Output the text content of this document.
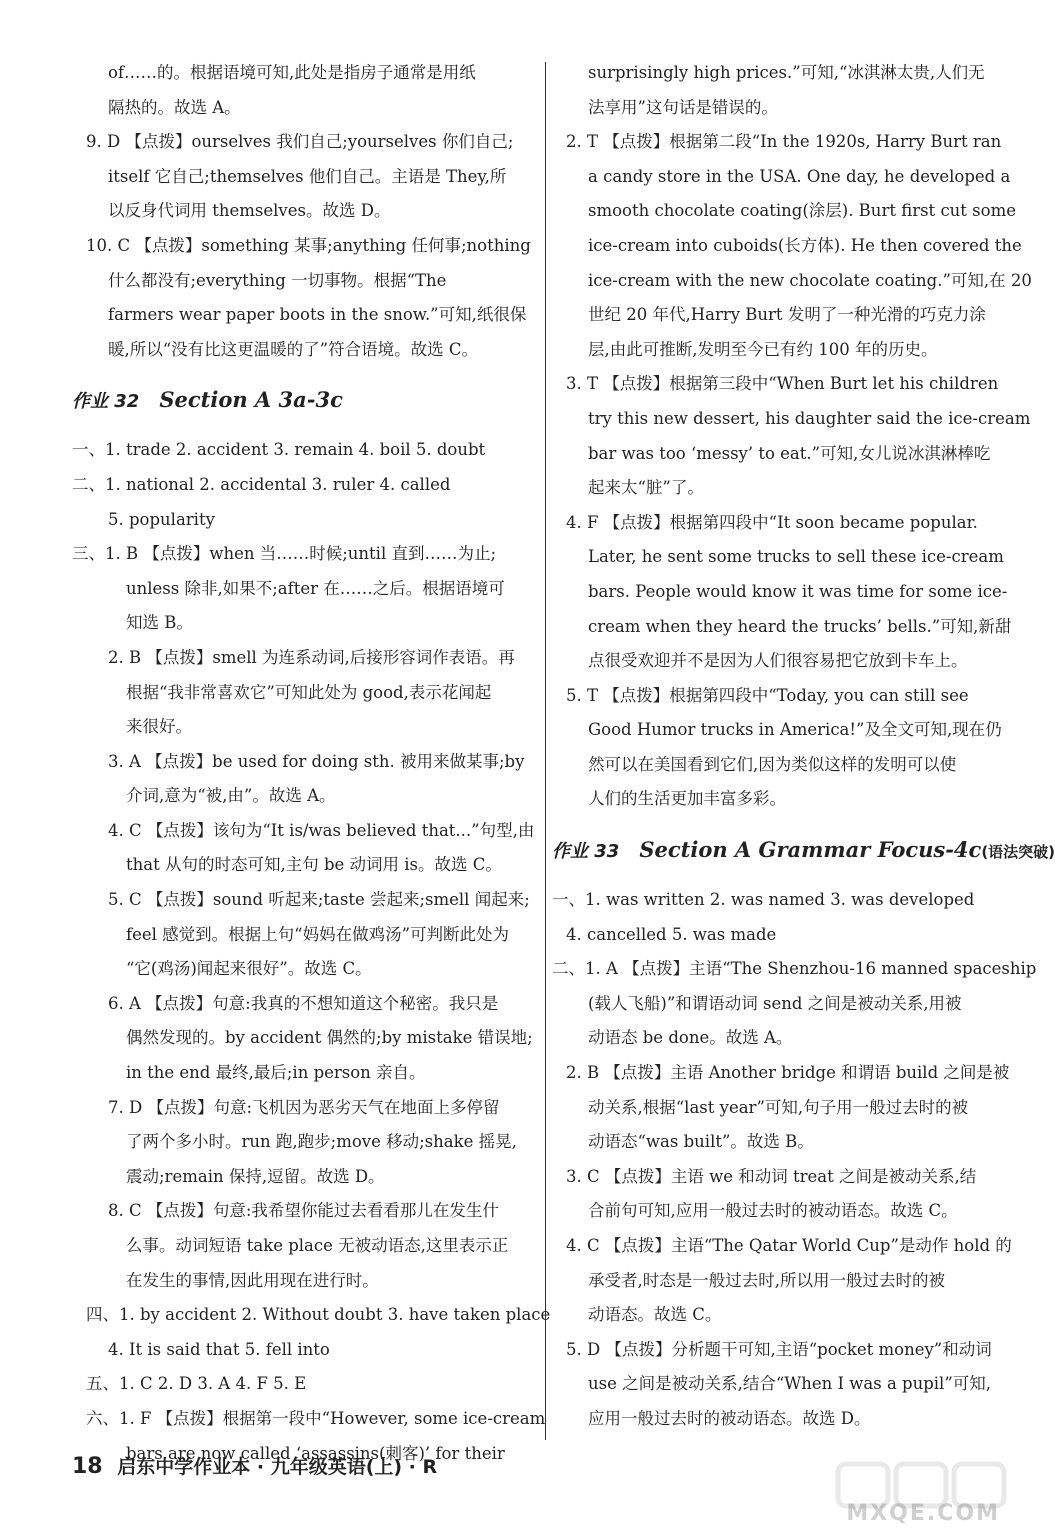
of……的。根据语境可知,此处是指房子通常是用纸
隔热的。故选 A。
9. D 【点拨】ourselves 我们自己;yourselves 你们自己;
itself 它自己;themselves 他们自己。主语是 They,所
以反身代词用 themselves。故选 D。
10. C 【点拨】something 某事;anything 任何事;nothing
什么都没有;everything 一切事物。根据“The
farmers wear paper boots in the snow.”可知,纸很保
暖,所以“没有比这更温暖的了”符合语境。故选 C。
作业 32 Section A 3a-3c
一、1. trade 2. accident 3. remain 4. boil 5. doubt
二、1. national 2. accidental 3. ruler 4. called
5. popularity
三、1. B 【点拨】when 当……时候;until 直到……为止;
unless 除非,如果不;after 在……之后。根据语境可
知选 B。
2. B 【点拨】smell 为连系动词,后接形容词作表语。再
根据“我非常喜欢它”可知此处为 good,表示花闻起
来很好。
3. A 【点拨】be used for doing sth. 被用来做某事;by
介词,意为“被,由”。故选 A。
4. C 【点拨】该句为“It is/was believed that...”句型,由
that 从句的时态可知,主句 be 动词用 is。故选 C。
5. C 【点拨】sound 听起来;taste 尝起来;smell 闻起来;
feel 感觉到。根据上句“妈妈在做鸡汤”可判断此处为
“它(鸡汤)闻起来很好”。故选 C。
6. A 【点拨】句意:我真的不想知道这个秘密。我只是
偶然发现的。by accident 偶然的;by mistake 错误地;
in the end 最终,最后;in person 亲自。
7. D 【点拨】句意:飞机因为恶劣天气在地面上多停留
了两个多小时。run 跑,跑步;move 移动;shake 摇晃,
震动;remain 保持,逗留。故选 D。
8. C 【点拨】句意:我希望你能过去看看那儿在发生什
么事。动词短语 take place 无被动语态,这里表示正
在发生的事情,因此用现在进行时。
四、1. by accident 2. Without doubt 3. have taken place
4. It is said that 5. fell into
五、1. C 2. D 3. A 4. F 5. E
六、1. F 【点拨】根据第一段中“However, some ice-cream
bars are now called ‘assassins(刺客)’ for their
surprisingly high prices.”可知,“冰淇淋太贵,人们无
法享用”这句话是错误的。
2. T 【点拨】根据第二段“In the 1920s, Harry Burt ran
a candy store in the USA. One day, he developed a
smooth chocolate coating(涂层). Burt first cut some
ice-cream into cuboids(长方体). He then covered the
ice-cream with the new chocolate coating.”可知,在 20
世纪 20 年代,Harry Burt 发明了一种光滑的巧克力涂
层,由此可推断,发明至今已有约 100 年的历史。
3. T 【点拨】根据第三段中“When Burt let his children
try this new dessert, his daughter said the ice-cream
bar was too ‘messy’ to eat.”可知,女儿说冰淇淋棒吃
起来太“脏”了。
4. F 【点拨】根据第四段中“It soon became popular.
Later, he sent some trucks to sell these ice-cream
bars. People would know it was time for some ice-
cream when they heard the trucks’ bells.”可知,新甜
点很受欢迎并不是因为人们很容易把它放到卡车上。
5. T 【点拨】根据第四段中“Today, you can still see
Good Humor trucks in America!”及全文可知,现在仍
然可以在美国看到它们,因为类似这样的发明可以使
人们的生活更加丰富多彩。
作业 33 Section A Grammar Focus-4c(语法突破)
一、1. was written 2. was named 3. was developed
4. cancelled 5. was made
二、1. A 【点拨】主语“The Shenzhou-16 manned spaceship
(载人飞船)”和谓语动词 send 之间是被动关系,用被
动语态 be done。故选 A。
2. B 【点拨】主语 Another bridge 和谓语 build 之间是被
动关系,根据“last year”可知,句子用一般过去时的被
动语态“was built”。故选 B。
3. C 【点拨】主语 we 和动词 treat 之间是被动关系,结
合前句可知,应用一般过去时的被动语态。故选 C。
4. C 【点拨】主语“The Qatar World Cup”是动作 hold 的
承受者,时态是一般过去时,所以用一般过去时的被
动语态。故选 C。
5. D 【点拨】分析题干可知,主语“pocket money”和动词
use 之间是被动关系,结合“When I was a pupil”可知,
应用一般过去时的被动语态。故选 D。
18 启东中学作业本 · 九年级英语(上) · R
MXQE.COM
